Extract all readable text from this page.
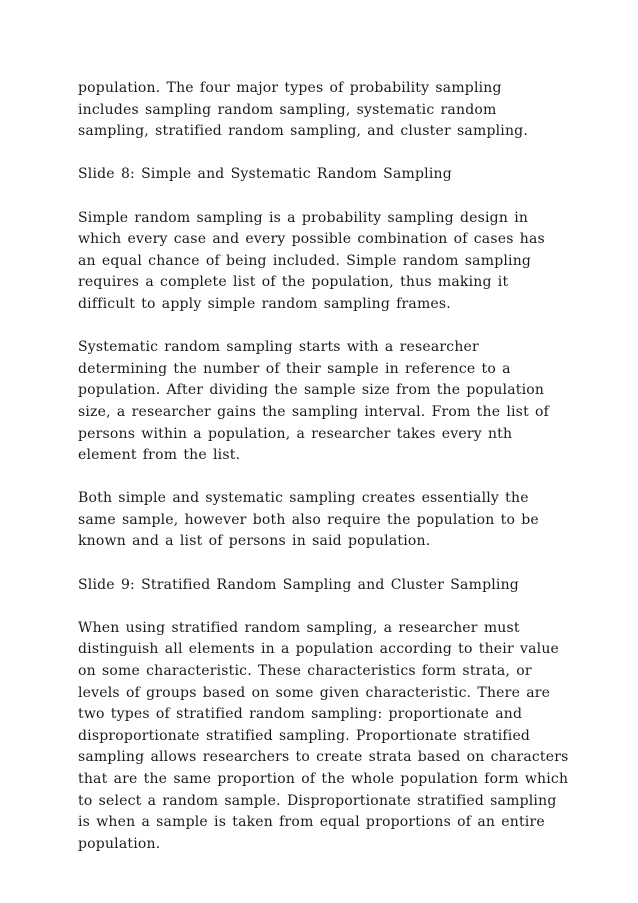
population. The four major types of probability sampling
includes sampling random sampling, systematic random
sampling, stratified random sampling, and cluster sampling.

Slide 8: Simple and Systematic Random Sampling

Simple random sampling is a probability sampling design in
which every case and every possible combination of cases has
an equal chance of being included. Simple random sampling
requires a complete list of the population, thus making it
difficult to apply simple random sampling frames.

Systematic random sampling starts with a researcher
determining the number of their sample in reference to a
population. After dividing the sample size from the population
size, a researcher gains the sampling interval. From the list of
persons within a population, a researcher takes every nth
element from the list.

Both simple and systematic sampling creates essentially the
same sample, however both also require the population to be
known and a list of persons in said population.

Slide 9: Stratified Random Sampling and Cluster Sampling

When using stratified random sampling, a researcher must
distinguish all elements in a population according to their value
on some characteristic. These characteristics form strata, or
levels of groups based on some given characteristic. There are
two types of stratified random sampling: proportionate and
disproportionate stratified sampling. Proportionate stratified
sampling allows researchers to create strata based on characters
that are the same proportion of the whole population form which
to select a random sample. Disproportionate stratified sampling
is when a sample is taken from equal proportions of an entire
population.
